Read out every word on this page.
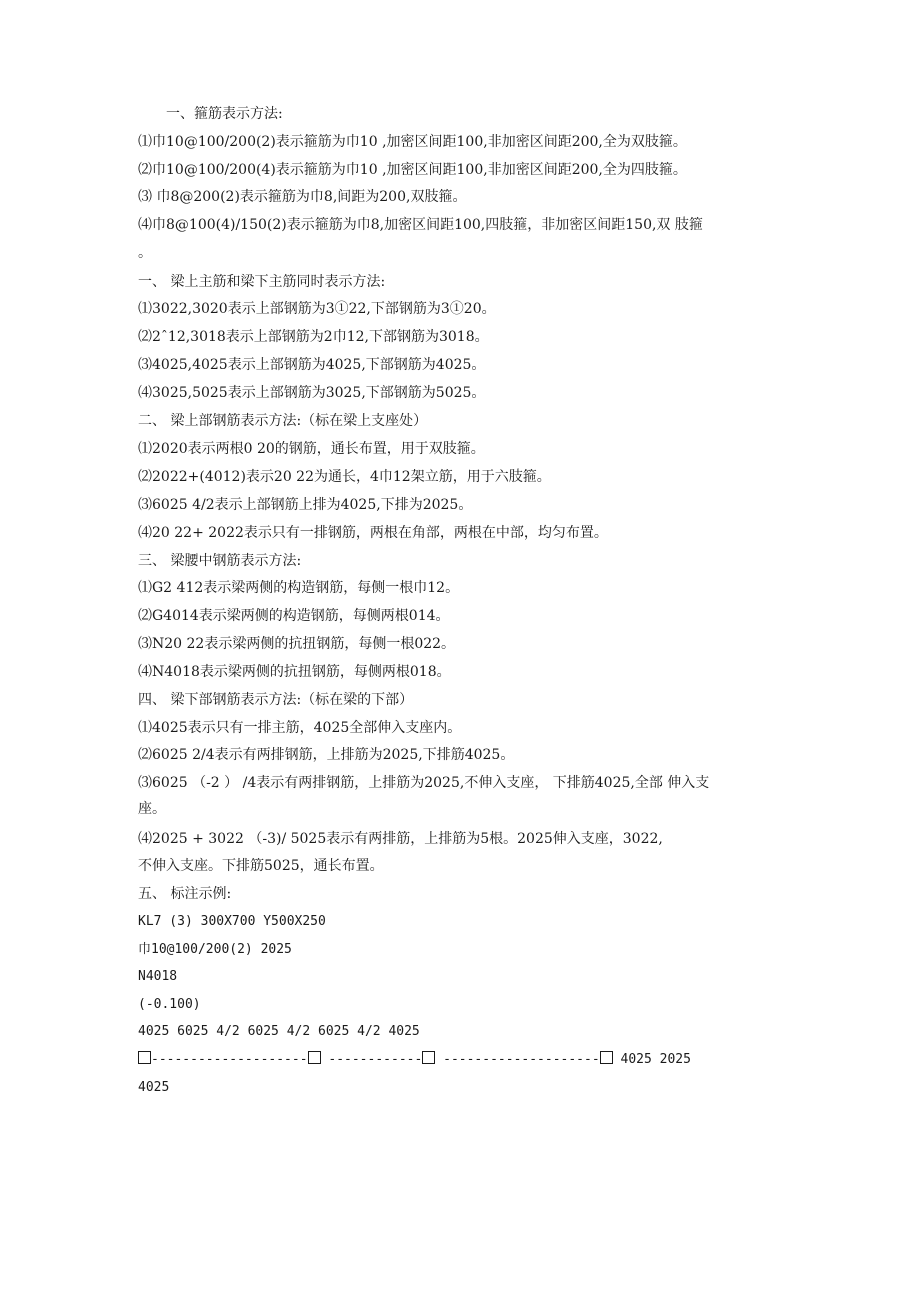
一、箍筋表示方法:
⑴巾10@100/200(2)表示箍筋为巾10 ,加密区间距100,非加密区间距200,全为双肢箍。
⑵巾10@100/200(4)表示箍筋为巾10 ,加密区间距100,非加密区间距200,全为四肢箍。
⑶ 巾8@200(2)表示箍筋为巾8,间距为200,双肢箍。
⑷巾8@100(4)/150(2)表示箍筋为巾8,加密区间距100,四肢箍，非加密区间距150,双 肢箍
。
一、 梁上主筋和梁下主筋同时表示方法:
⑴3022,3020表示上部钢筋为3①22,下部钢筋为3①20。
⑵2ˆ12,3018表示上部钢筋为2巾12,下部钢筋为3018。
⑶4025,4025表示上部钢筋为4025,下部钢筋为4025。
⑷3025,5025表示上部钢筋为3025,下部钢筋为5025。
二、 梁上部钢筋表示方法:（标在梁上支座处）
⑴2020表示两根0 20的钢筋，通长布置，用于双肢箍。
⑵2022+(4012)表示20 22为通长，4巾12架立筋，用于六肢箍。
⑶6025 4/2表示上部钢筋上排为4025,下排为2025。
⑷20 22+ 2022表示只有一排钢筋，两根在角部，两根在中部，均匀布置。
三、 梁腰中钢筋表示方法:
⑴G2 412表示梁两侧的构造钢筋，每侧一根巾12。
⑵G4014表示梁两侧的构造钢筋，每侧两根014。
⑶N20 22表示梁两侧的抗扭钢筋，每侧一根022。
⑷N4018表示梁两侧的抗扭钢筋，每侧两根018。
四、 梁下部钢筋表示方法:（标在梁的下部）
⑴4025表示只有一排主筋，4025全部伸入支座内。
⑵6025 2/4表示有两排钢筋，上排筋为2025,下排筋4025。
⑶6025 （-2 ） /4表示有两排钢筋，上排筋为2025,不伸入支座， 下排筋4025,全部 伸入支
座。
⑷2025 + 3022 （-3)/ 5025表示有两排筋，上排筋为5根。2025伸入支座，3022,
不伸入支座。下排筋5025，通长布置。
五、 标注示例:
KL7 (3) 300X700 Y500X250
巾10@100/200(2) 2025
N4018
(-0.100)
4025 6025 4/2 6025 4/2 6025 4/2 4025
-------------------- ------------ -------------------- 4025 2025
4025
